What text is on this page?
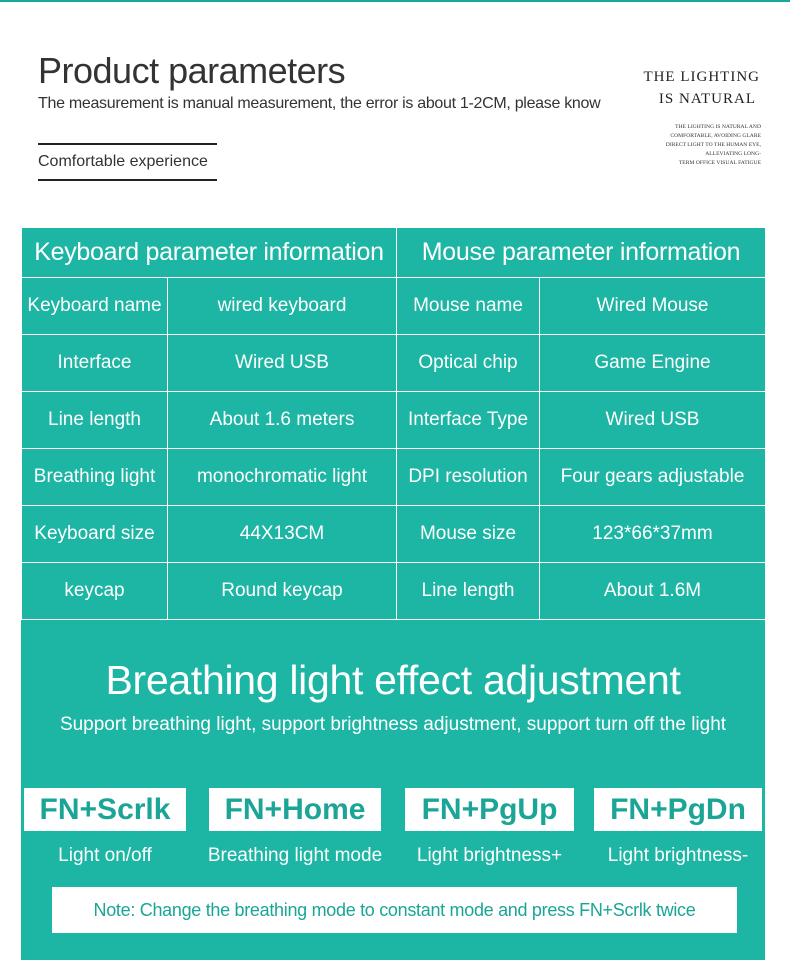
Product parameters
The measurement is manual measurement, the error is about 1-2CM, please know
Comfortable experience
THE LIGHTING
IS NATURAL
THE LIGHTING IS NATURAL AND
COMFORTABLE, AVOIDING GLARE
DIRECT LIGHT TO THE HUMAN EYE,
ALLEVIATING LONG-
TERM OFFICE VISUAL FATIGUE
Keyboard parameter information		Mouse parameter information	
Keyboard name	wired keyboard	Mouse name	Wired Mouse
Interface	Wired USB	Optical chip	Game Engine
Line length	About 1.6 meters	Interface Type	Wired USB
Breathing light	monochromatic light	DPI resolution	Four gears adjustable
Keyboard size	44X13CM	Mouse size	123*66*37mm
keycap	Round keycap	Line length	About 1.6M
Breathing light effect adjustment
Support breathing light, support brightness adjustment, support turn off the light
FN+Scrlk	FN+Home	FN+PgUp	FN+PgDn
Light on/off	Breathing light mode	Light brightness+	Light brightness-
Note: Change the breathing mode to constant mode and press FN+Scrlk twice
